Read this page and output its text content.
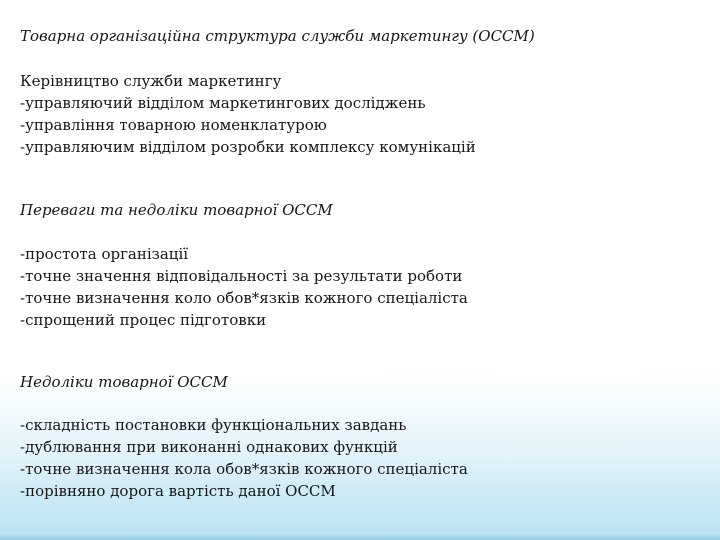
Товарна організаційна структура служби маркетингу (ОССМ)
Керівництво служби маркетингу
-управляючий відділом маркетингових досліджень
-управління товарною номенклатурою
-управляючим відділом розробки комплексу комунікацій
Переваги та недоліки товарної ОССМ
-простота організації
-точне значення відповідальності за результати роботи
-точне визначення коло обов*язків кожного спеціаліста
-спрощений процес підготовки
Недоліки товарної ОССМ
-складність постановки функціональних завдань
-дублювання при виконанні однакових функцій
-точне визначення кола обов*язків кожного спеціаліста
-порівняно дорога вартість даної ОССМ
